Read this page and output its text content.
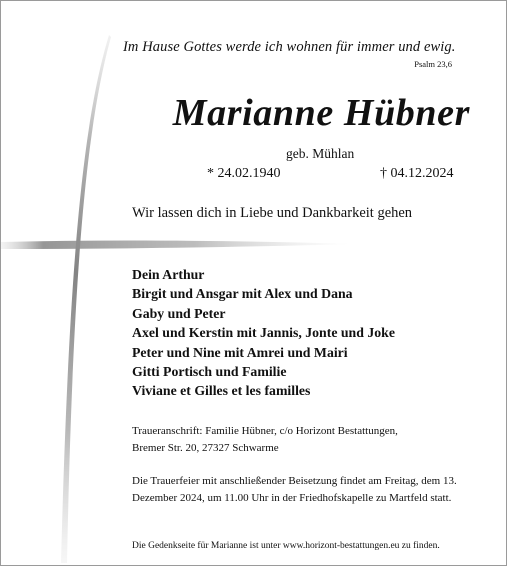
Im Hause Gottes werde ich wohnen für immer und ewig.
Psalm 23,6
Marianne Hübner
geb. Mühlan
* 24.02.1940	† 04.12.2024
Wir lassen dich in Liebe und Dankbarkeit gehen
Dein Arthur
Birgit und Ansgar mit Alex und Dana
Gaby und Peter
Axel und Kerstin mit Jannis, Jonte und Joke
Peter und Nine mit Amrei und Mairi
Gitti Portisch und Familie
Viviane et Gilles et les familles
Traueranschrift: Familie Hübner, c/o Horizont Bestattungen,
Bremer Str. 20, 27327 Schwarme
Die Trauerfeier mit anschließender Beisetzung findet am Freitag, dem 13. Dezember 2024, um 11.00 Uhr in der Friedhofskapelle zu Martfeld statt.
Die Gedenkseite für Marianne ist unter www.horizont-bestattungen.eu zu finden.
